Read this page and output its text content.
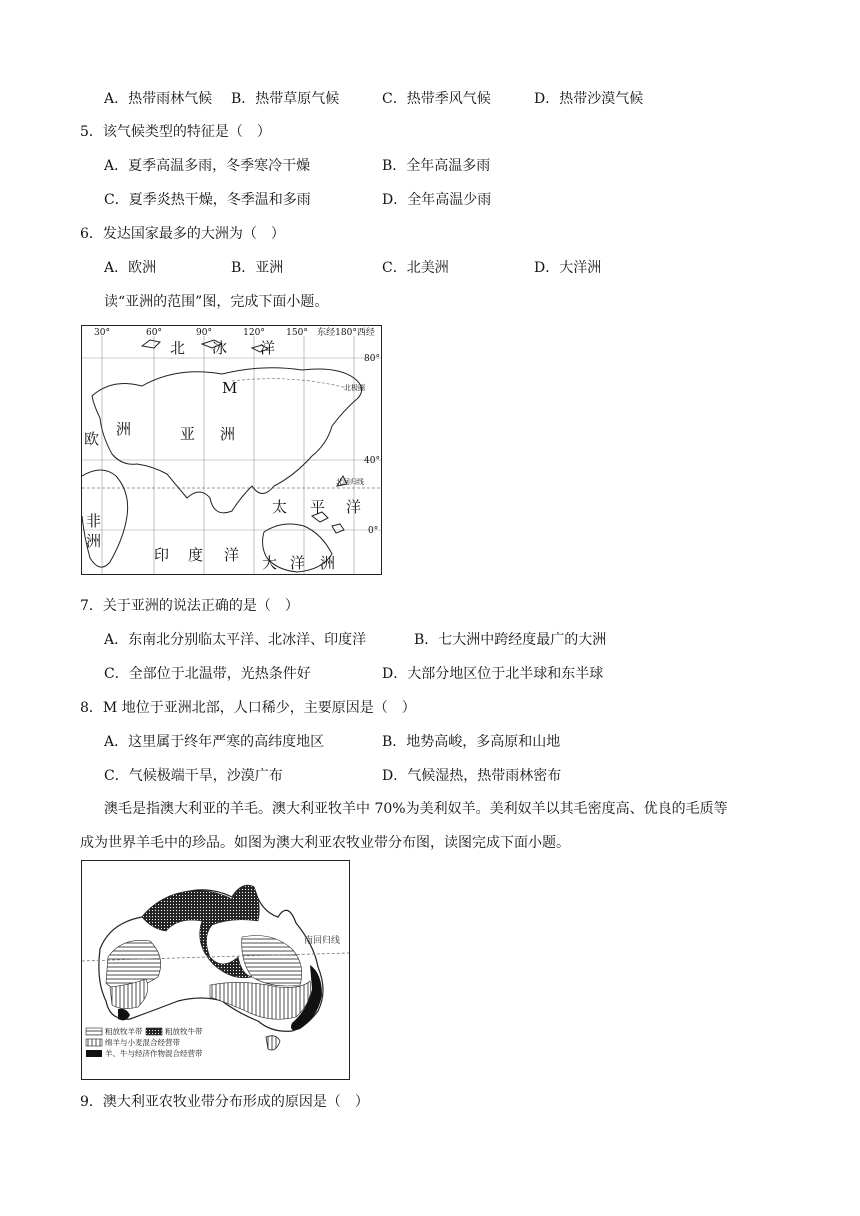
A．热带雨林气候 B．热带草原气候	C．热带季风气候	D．热带沙漠气候
5．该气候类型的特征是（　）
A．夏季高温多雨，冬季寒冷干燥	B．全年高温多雨
C．夏季炎热干燥，冬季温和多雨	D．全年高温少雨
6．发达国家最多的大洲为（　）
A．欧洲	B．亚洲	C．北美洲	D．大洋洲
读“亚洲的范围”图，完成下面小题。
30°	60°	90°	120° 150° 东经180°西经
80°
40°
0°
北极圈
北回归线
北 冰 洋
M
欧
洲	亚 洲
太 平 洋
非
洲
印 度 洋 大 洋 洲
7．关于亚洲的说法正确的是（　）
A．东南北分别临太平洋、北冰洋、印度洋	B．七大洲中跨经度最广的大洲
C．全部位于北温带，光热条件好	D．大部分地区位于北半球和东半球
8．M 地位于亚洲北部，人口稀少，主要原因是（　）
A．这里属于终年严寒的高纬度地区	B．地势高峻，多高原和山地
C．气候极端干旱，沙漠广布	D．气候湿热，热带雨林密布
澳毛是指澳大利亚的羊毛。澳大利亚牧羊中 70%为美利奴羊。美利奴羊以其毛密度高、优良的毛质等
成为世界羊毛中的珍品。如图为澳大利亚农牧业带分布图，读图完成下面小题。
南回归线
粗放牧羊带	粗放牧牛带
绵羊与小麦混合经营带
羊、牛与经济作物混合经营带
9．澳大利亚农牧业带分布形成的原因是（　）
